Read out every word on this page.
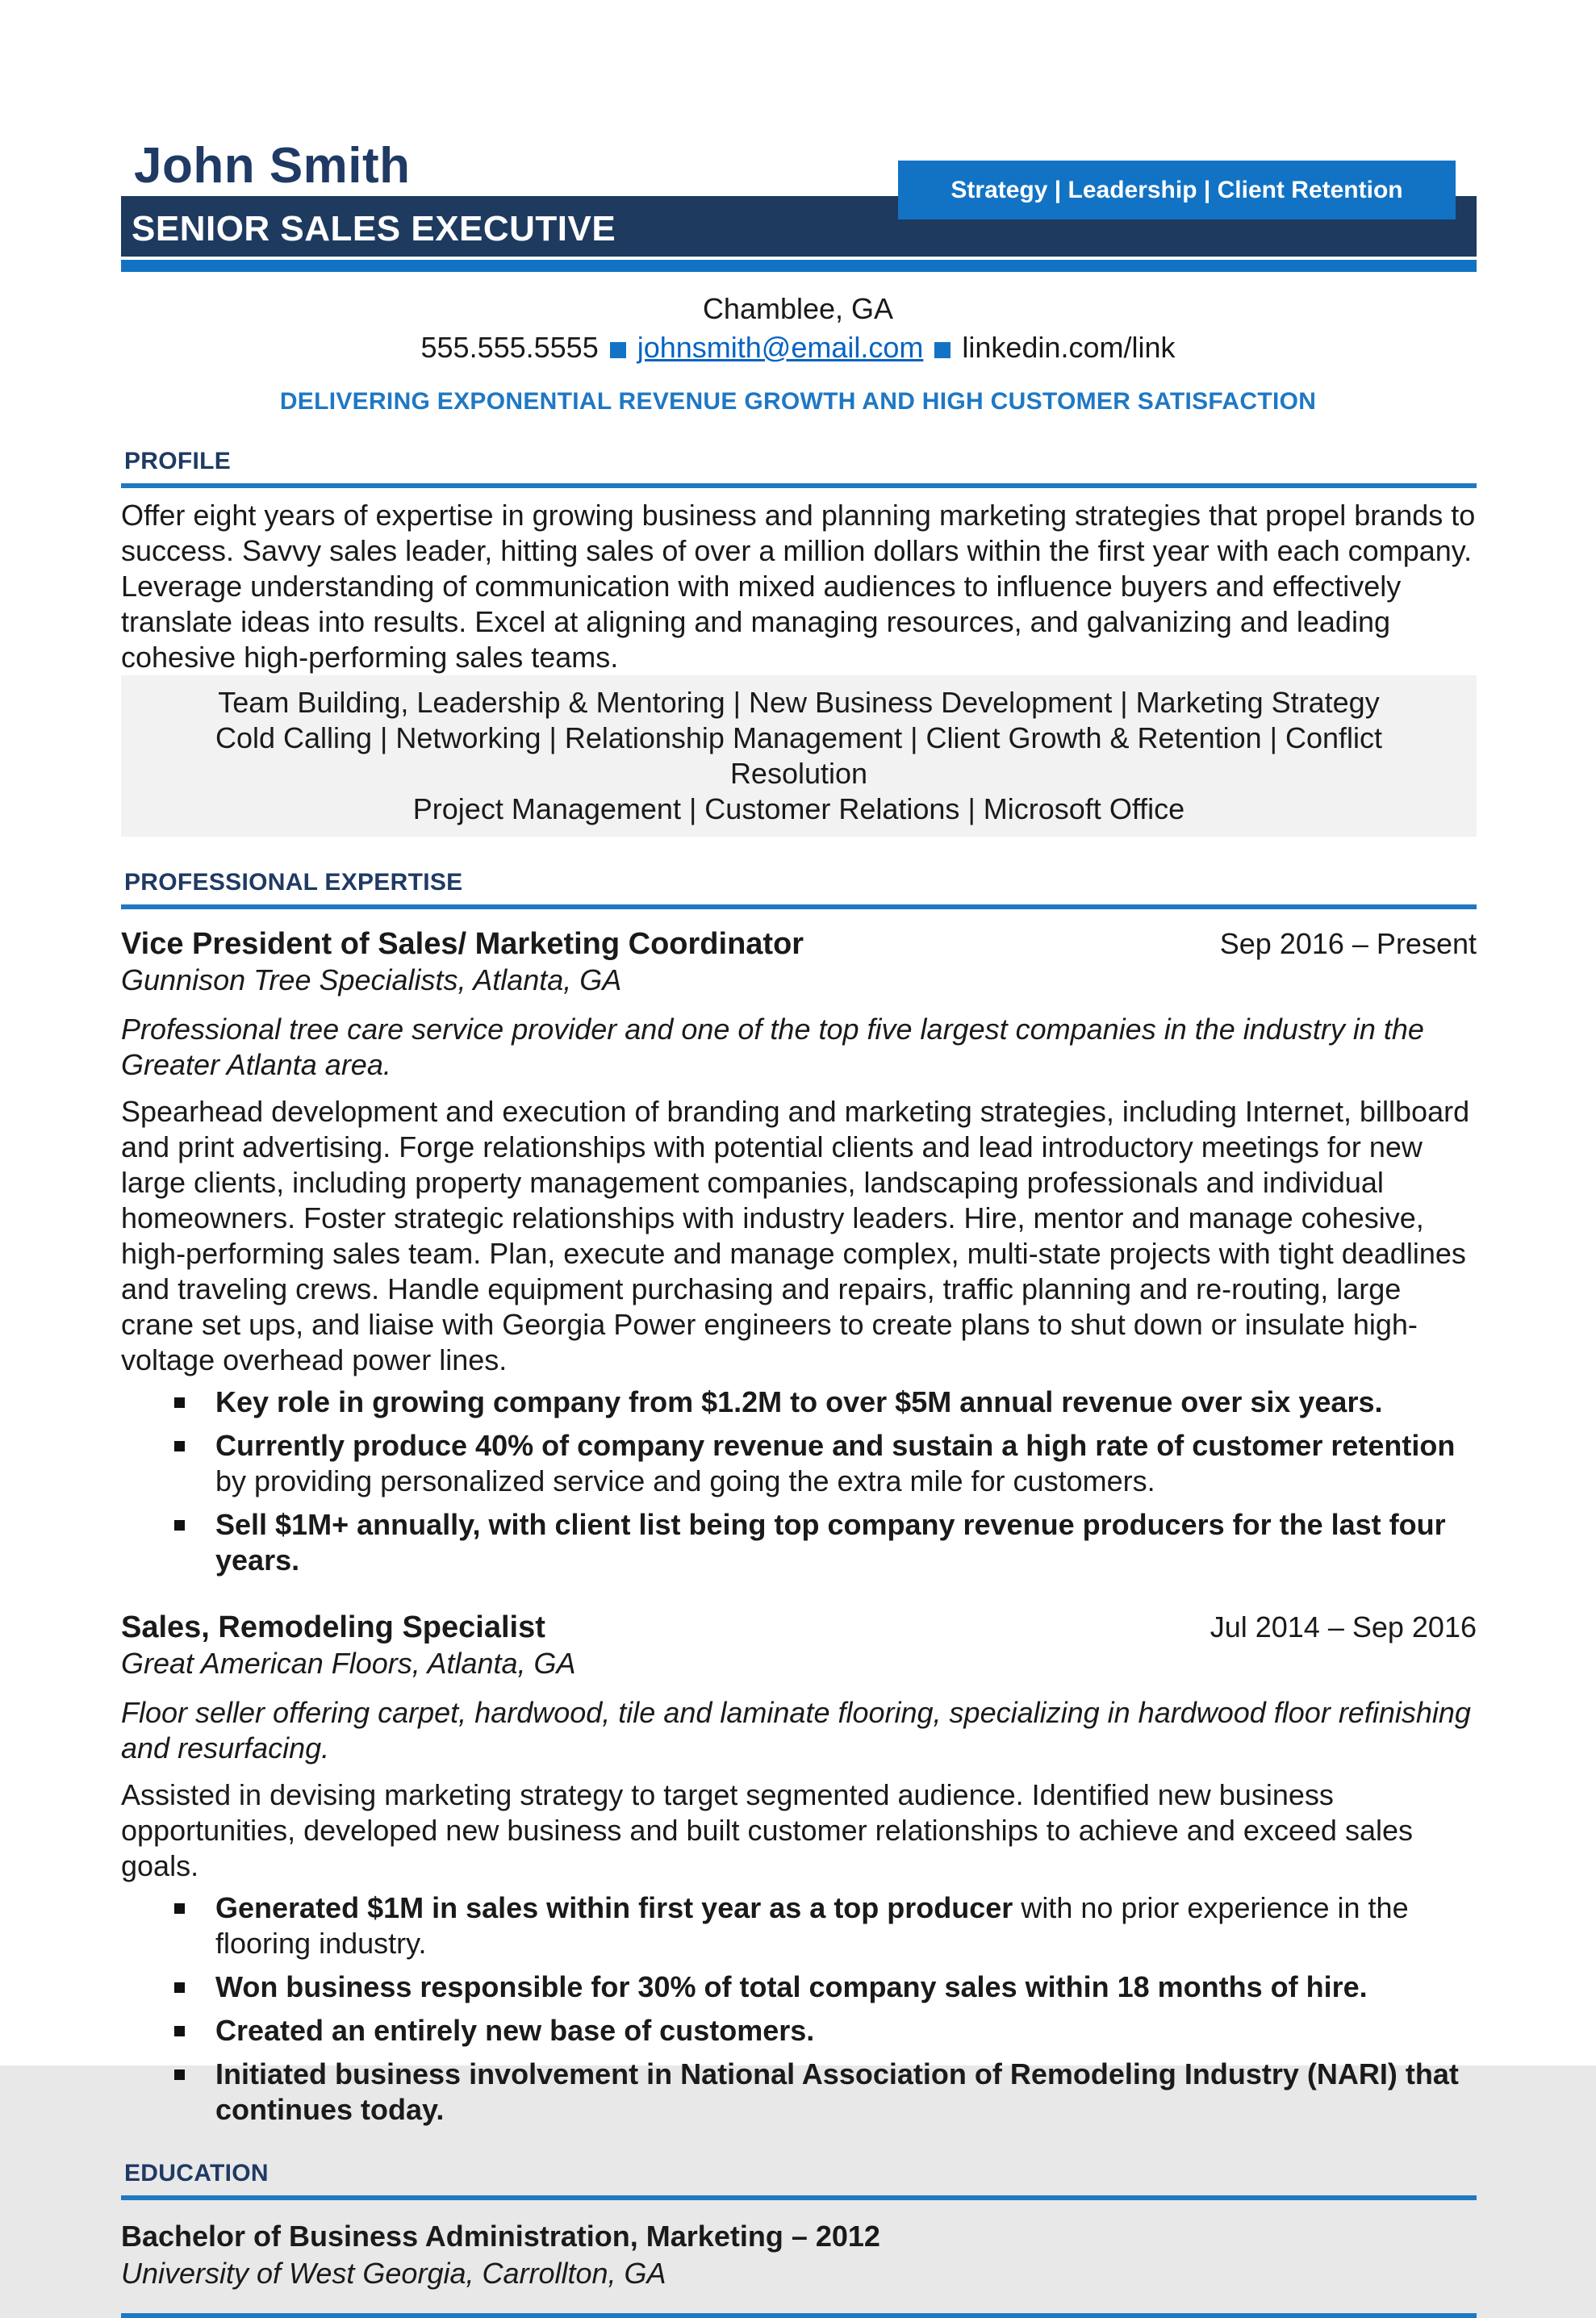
John Smith
SENIOR SALES EXECUTIVE
Strategy | Leadership | Client Retention
Chamblee, GA
555.555.5555 johnsmith@email.com linkedin.com/link
DELIVERING EXPONENTIAL REVENUE GROWTH AND HIGH CUSTOMER SATISFACTION
PROFILE
Offer eight years of expertise in growing business and planning marketing strategies that propel brands to success. Savvy sales leader, hitting sales of over a million dollars within the first year with each company. Leverage understanding of communication with mixed audiences to influence buyers and effectively translate ideas into results. Excel at aligning and managing resources, and galvanizing and leading cohesive high-performing sales teams.
Team Building, Leadership & Mentoring | New Business Development | Marketing Strategy
Cold Calling | Networking | Relationship Management | Client Growth & Retention | Conflict Resolution
Project Management | Customer Relations | Microsoft Office
PROFESSIONAL EXPERTISE
Vice President of Sales/ Marketing Coordinator	Sep 2016 – Present
Gunnison Tree Specialists, Atlanta, GA
Professional tree care service provider and one of the top five largest companies in the industry in the Greater Atlanta area.
Spearhead development and execution of branding and marketing strategies, including Internet, billboard and print advertising. Forge relationships with potential clients and lead introductory meetings for new large clients, including property management companies, landscaping professionals and individual homeowners. Foster strategic relationships with industry leaders. Hire, mentor and manage cohesive, high-performing sales team. Plan, execute and manage complex, multi-state projects with tight deadlines and traveling crews. Handle equipment purchasing and repairs, traffic planning and re-routing, large crane set ups, and liaise with Georgia Power engineers to create plans to shut down or insulate high-voltage overhead power lines.
Key role in growing company from $1.2M to over $5M annual revenue over six years.
Currently produce 40% of company revenue and sustain a high rate of customer retention by providing personalized service and going the extra mile for customers.
Sell $1M+ annually, with client list being top company revenue producers for the last four years.
Sales, Remodeling Specialist	Jul 2014 – Sep 2016
Great American Floors, Atlanta, GA
Floor seller offering carpet, hardwood, tile and laminate flooring, specializing in hardwood floor refinishing and resurfacing.
Assisted in devising marketing strategy to target segmented audience. Identified new business opportunities, developed new business and built customer relationships to achieve and exceed sales goals.
Generated $1M in sales within first year as a top producer with no prior experience in the flooring industry.
Won business responsible for 30% of total company sales within 18 months of hire.
Created an entirely new base of customers.
Initiated business involvement in National Association of Remodeling Industry (NARI) that continues today.
EDUCATION
Bachelor of Business Administration, Marketing – 2012
University of West Georgia, Carrollton, GA
